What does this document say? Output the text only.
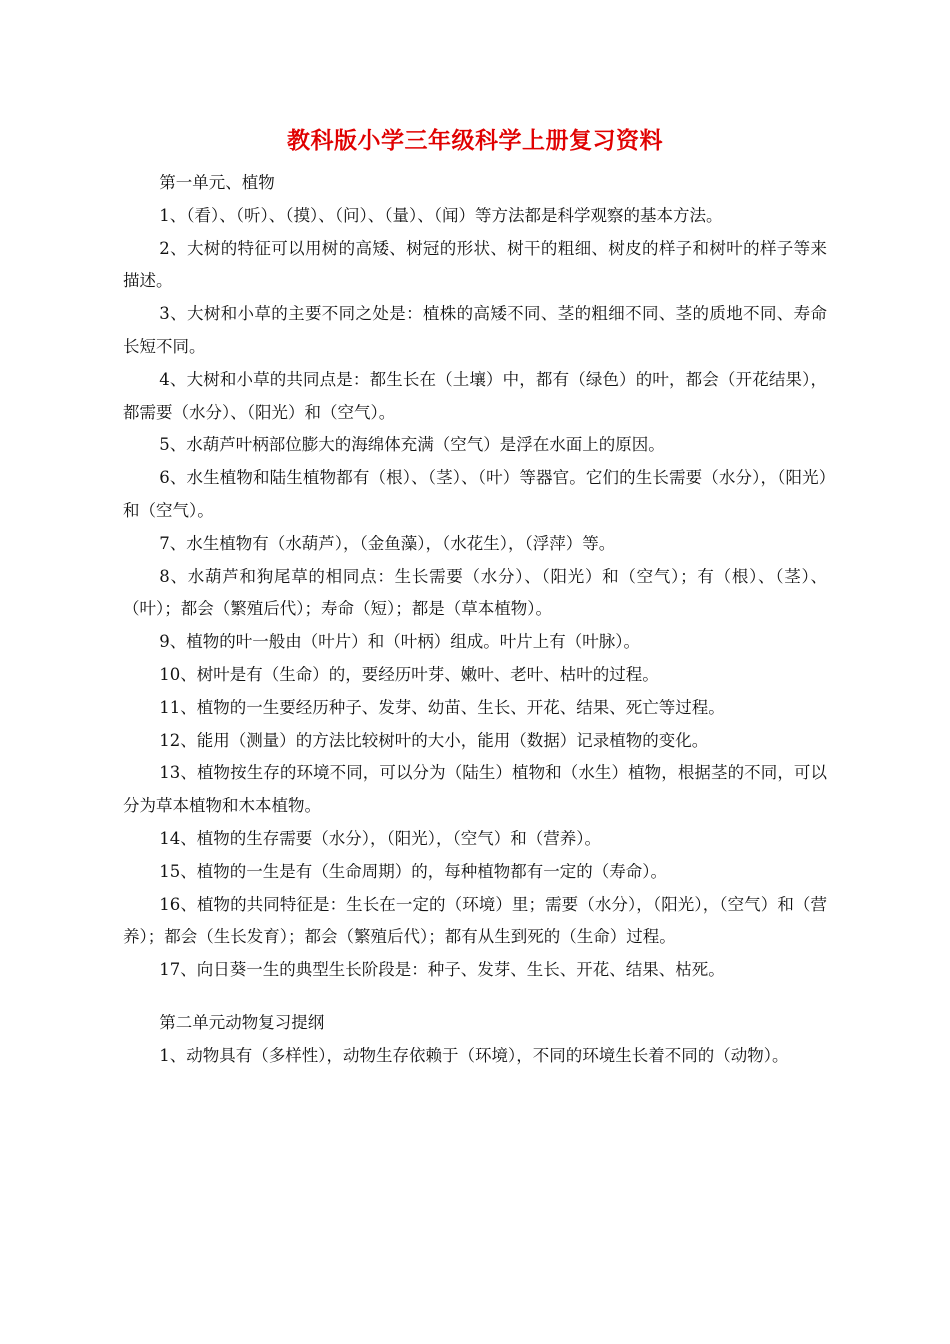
教科版小学三年级科学上册复习资料

第一单元、植物

1、（看）、（听）、（摸）、（问）、（量）、（闻）等方法都是科学观察的基本方法。

2、大树的特征可以用树的高矮、树冠的形状、树干的粗细、树皮的样子和树叶的样子等来描述。

3、大树和小草的主要不同之处是：植株的高矮不同、茎的粗细不同、茎的质地不同、寿命长短不同。

4、大树和小草的共同点是：都生长在（土壤）中，都有（绿色）的叶，都会（开花结果），都需要（水分）、（阳光）和（空气）。

5、水葫芦叶柄部位膨大的海绵体充满（空气）是浮在水面上的原因。

6、水生植物和陆生植物都有（根）、（茎）、（叶）等器官。它们的生长需要（水分），（阳光）和（空气）。

7、水生植物有（水葫芦），（金鱼藻），（水花生），（浮萍）等。

8、水葫芦和狗尾草的相同点：生长需要（水分）、（阳光）和（空气）；有（根）、（茎）、（叶）；都会（繁殖后代）；寿命（短）；都是（草本植物）。

9、植物的叶一般由（叶片）和（叶柄）组成。叶片上有（叶脉）。

10、树叶是有（生命）的，要经历叶芽、嫩叶、老叶、枯叶的过程。

11、植物的一生要经历种子、发芽、幼苗、生长、开花、结果、死亡等过程。

12、能用（测量）的方法比较树叶的大小，能用（数据）记录植物的变化。

13、植物按生存的环境不同，可以分为（陆生）植物和（水生）植物，根据茎的不同，可以分为草本植物和木本植物。

14、植物的生存需要（水分），（阳光），（空气）和（营养）。

15、植物的一生是有（生命周期）的，每种植物都有一定的（寿命）。

16、植物的共同特征是：生长在一定的（环境）里；需要（水分），（阳光），（空气）和（营养）；都会（生长发育）；都会（繁殖后代）；都有从生到死的（生命）过程。

17、向日葵一生的典型生长阶段是：种子、发芽、生长、开花、结果、枯死。

第二单元动物复习提纲

1、动物具有（多样性），动物生存依赖于（环境），不同的环境生长着不同的（动物）。
